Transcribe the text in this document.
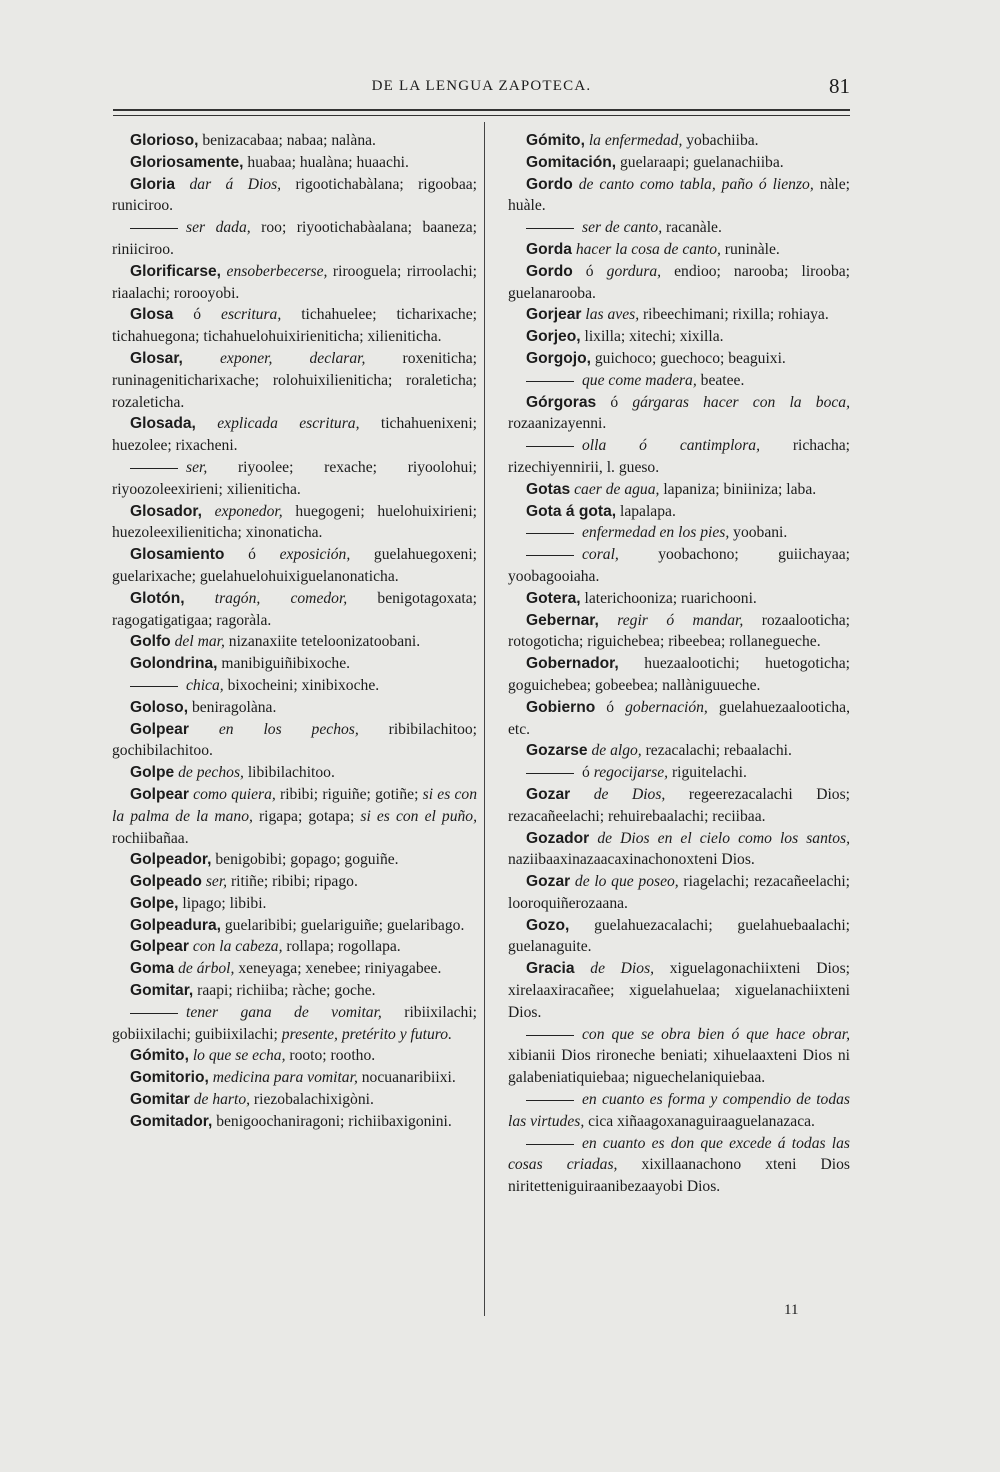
DE LA LENGUA ZAPOTECA.	81

Glorioso, benizacabaa; nabaa; nalàna.

Gloriosamente, huabaa; hualàna; huaachi.

Gloria dar á Dios, rigootichabàlana; rigoobaa; runiciroo.

ser dada, roo; riyootichabàalana; baaneza; riniiciroo.

Glorificarse, ensoberbecerse, rirooguela; rirroolachi; riaalachi; rorooyobi.

Glosa ó escritura, tichahuelee; ticharixache; tichahuegona; tichahuelohuixirieniticha; xilieniticha.

Glosar, exponer, declarar, roxeniticha; runinageniticharixache; rolohuixilieniticha; roraleticha; rozaleticha.

Glosada, explicada escritura, tichahuenixeni; huezolee; rixacheni.

ser, riyoolee; rexache; riyoolohui; riyoozoleexirieni; xilieniticha.

Glosador, exponedor, huegogeni; huelohuixirieni; huezoleexilieniticha; xinonaticha.

Glosamiento ó exposición, guelahuegoxeni; guelarixache; guelahuelohuixiguelanonaticha.

Glotón, tragón, comedor, benigotagoxata; ragogatigatigaa; ragoràla.

Golfo del mar, nizanaxiite teteloonizatoobani.

Golondrina, manibiguiñibixoche.

chica, bixocheini; xinibixoche.

Goloso, beniragolàna.

Golpear en los pechos, ribibilachitoo; gochibilachitoo.

Golpe de pechos, libibilachitoo.

Golpear como quiera, ribibi; riguiñe; gotiñe; si es con la palma de la mano, rigapa; gotapa; si es con el puño, rochiibañaa.

Golpeador, benigobibi; gopago; goguiñe.

Golpeado ser, ritiñe; ribibi; ripago.

Golpe, lipago; libibi.

Golpeadura, guelaribibi; guelariguiñe; guelaribago.

Golpear con la cabeza, rollapa; rogollapa.

Goma de árbol, xeneyaga; xenebee; riniyagabee.

Gomitar, raapi; richiiba; ràche; goche.

tener gana de vomitar, ribiixilachi; gobiixilachi; guibiixilachi; presente, pretérito y futuro.

Gómito, lo que se echa, rooto; rootho.

Gomitorio, medicina para vomitar, nocuanaribiixi.

Gomitar de harto, riezobalachixigòni.

Gomitador, benigoochaniragoni; richiibaxigonini.

Gómito, la enfermedad, yobachiiba.

Gomitación, guelaraapi; guelanachiiba.

Gordo de canto como tabla, paño ó lienzo, nàle; huàle.

ser de canto, racanàle.

Gorda hacer la cosa de canto, runinàle.

Gordo ó gordura, endioo; narooba; lirooba; guelanarooba.

Gorjear las aves, ribeechimani; rixilla; rohiaya.

Gorjeo, lixilla; xitechi; xixilla.

Gorgojo, guichoco; guechoco; beaguixi.

que come madera, beatee.

Górgoras ó gárgaras hacer con la boca, rozaanizayenni.

olla ó cantimplora, richacha; rizechiyennirii, l. gueso.

Gotas caer de agua, lapaniza; biniiniza; laba.

Gota á gota, lapalapa.

enfermedad en los pies, yoobani.

coral, yoobachono; guiichayaa; yoobagooiaha.

Gotera, laterichooniza; ruarichooni.

Gebernar, regir ó mandar, rozaalooticha; rotogoticha; riguichebea; ribeebea; rollanegueche.

Gobernador, huezaalootichi; huetogoticha; goguichebea; gobeebea; nallàniguueche.

Gobierno ó gobernación, guelahuezaalooticha, etc.

Gozarse de algo, rezacalachi; rebaalachi.

ó regocijarse, riguitelachi.

Gozar de Dios, regeerezacalachi Dios; rezacañeelachi; rehuirebaalachi; reciibaa.

Gozador de Dios en el cielo como los santos, naziibaaxinazaacaxinachonoxteni Dios.

Gozar de lo que poseo, riagelachi; rezacañeelachi; looroquiñerozaana.

Gozo, guelahuezacalachi; guelahuebaalachi; guelanaguite.

Gracia de Dios, xiguelagonachiixteni Dios; xirelaaxiracañee; xiguelahuelaa; xiguelanachiixteni Dios.

con que se obra bien ó que hace obrar, xibianii Dios rironeche beniati; xihuelaaxteni Dios ni galabeniatiquiebaa; niguechelaniquiebaa.

en cuanto es forma y compendio de todas las virtudes, cica xiñaagoxanaguiraaguelanazaca.

en cuanto es don que excede á todas las cosas criadas, xixillaanachono xteni Dios niritetteniguiraanibezaayobi Dios.

11
